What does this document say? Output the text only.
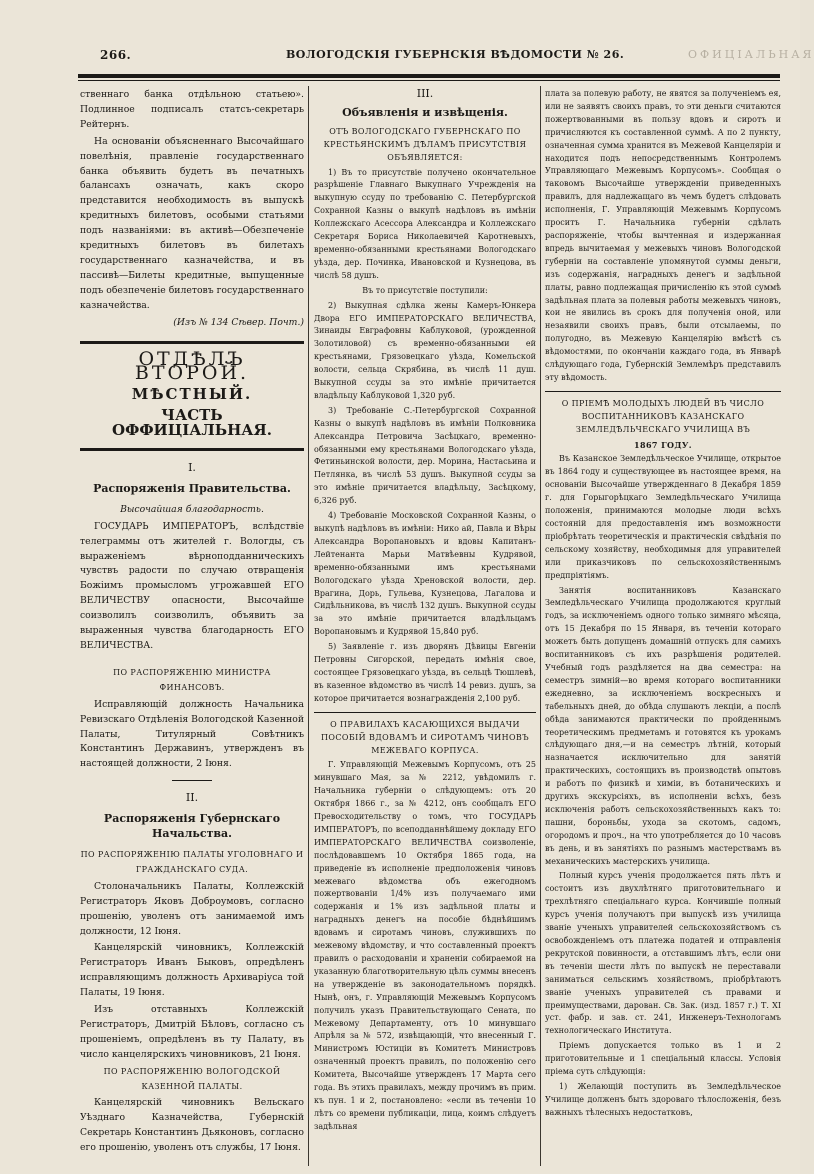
266.	ВОЛОГОДСКІЯ ГУБЕРНСКІЯ ВѢДОМОСТИ № 26.	ОФИЦІАЛЬНАЯ

ственнаго банка отдѣльною статьею». Подлинное подписалъ статсъ-секретарь Рейтернъ.

На основаніи объясненнаго Высочайшаго повелѣнія, правленіе государственнаго банка объявить будетъ въ печатныхъ балансахъ означать, какъ скоро представится необходимость въ выпускѣ кредитныхъ билетовъ, особыми статьями подъ названіями: въ активѣ—Обезпеченіе кредитныхъ билетовъ въ билетахъ государственнаго казначейства, и въ пассивѣ—Билеты кредитные, выпущенные подъ обезпеченіе билетовъ государственнаго казначейства.

(Изъ № 134 Сѣвер. Почт.)

ОТДѢЛЪ ВТОРОЙ.
МѢСТНЫЙ.
ЧАСТЬ ОФФИЦІАЛЬНАЯ.

I.

Распоряженія Правительства.

Высочайшая благодарность.

ГОСУДАРЬ ИМПЕРАТОРЪ, вслѣдствіе телеграммы отъ жителей г. Вологды, съ выраженіемъ вѣрноподданническихъ чувствъ радости по случаю отвращенія Божіимъ промысломъ угрожавшей ЕГО ВЕЛИЧЕСТВУ опасности, Высочайше соизволилъ соизволилъ, объявить за выраженныя чувства благодарность ЕГО ВЕЛИЧЕСТВА.

ПО РАСПОРЯЖЕНІЮ МИНИСТРА ФИНАНСОВЪ.

Исправляющій должность Начальника Ревизскаго Отдѣленія Вологодской Казенной Палаты, Титулярный Совѣтникъ Константинъ Державинъ, утвержденъ въ настоящей должности, 2 Іюня.

II.

Распоряженія Губернскаго Начальства.

ПО РАСПОРЯЖЕНІЮ ПАЛАТЫ УГОЛОВНАГО И ГРАЖДАНСКАГО СУДА.

Столоначальникъ Палаты, Коллежскій Регистраторъ Яковъ Доброумовъ, согласно прошенію, уволенъ отъ занимаемой имъ должности, 12 Іюня.

Канцелярскій чиновникъ, Коллежскій Регистраторъ Иванъ Быковъ, опредѣленъ исправляющимъ должность Архиваріуса той Палаты, 19 Іюня.

Изъ отставныхъ Коллежскій Регистраторъ, Дмитрій Бѣловъ, согласно съ прошеніемъ, опредѣленъ въ ту Палату, въ число канцелярскихъ чиновниковъ, 21 Іюня.

ПО РАСПОРЯЖЕНІЮ ВОЛОГОДСКОЙ КАЗЕННОЙ ПАЛАТЫ.

Канцелярскій чиновникъ Вельскаго Уѣзднаго Казначейства, Губернскій Секретарь Константинъ Дьяконовъ, согласно его прошенію, уволенъ отъ службы, 17 Іюня.

III.

Объявленія и извѣщенія.

ОТЪ ВОЛОГОДСКАГО ГУБЕРНСКАГО ПО КРЕСТЬЯНСКИМЪ ДѢЛАМЪ ПРИСУТСТВІЯ ОБЪЯВЛЯЕТСЯ:

1) Въ то присутствіе получено окончательное разрѣшеніе Главнаго Выкупнаго Учрежденія на выкупную ссуду по требованію С. Петербургской Сохранной Казны о выкупѣ надѣловъ въ имѣніи Коллежскаго Асессора Александра и Коллежскаго Секретаря Бориса Николаевичей Каротневыхъ, временно-обязанными крестьянами Вологодскаго уѣзда, дер. Починка, Ивановской и Кузнецова, въ числѣ 58 душъ.

Въ то присутствіе поступили:

2) Выкупная сдѣлка жены Камеръ-Юнкера Двора ЕГО ИМПЕРАТОРСКАГО ВЕЛИЧЕСТВА, Зинаиды Евграфовны Каблуковой, (урожденной Золотиловой) съ временно-обязанными ей крестьянами, Грязовецкаго уѣзда, Комельской волости, сельца Скрябина, въ числѣ 11 душ. Выкупной ссуды за это имѣніе причитается владѣльцу Каблуковой 1,320 руб.

3) Требованіе С.-Петербургской Сохранной Казны о выкупѣ надѣловъ въ имѣніи Полковника Александра Петровича Засѣцкаго, временно-обязанными ему крестьянами Вологодскаго уѣзда, Фетиньинской волости, дер. Морина, Настасьина и Петлянка, въ числѣ 53 душъ. Выкупной ссуды за это имѣніе причитается владѣльцу, Засѣцкому, 6,326 руб.

4) Требованіе Московской Сохранной Казны, о выкупѣ надѣловъ въ имѣніи: Нико ай, Павла и Вѣры Александра Воропановыхъ и вдовы Капитанъ-Лейтенанта Марьи Матвѣевны Кудрявой, временно-обязанными имъ крестьянами Вологодскаго уѣзда Хреновской волости, дер. Врагина, Дорь, Гульева, Кузнецова, Лагалова и Сидѣльникова, въ числѣ 132 душъ. Выкупной ссуды за это имѣніе причитается владѣльцамъ Воропановымъ и Кудрявой 15,840 руб.

5) Заявленіе г. изъ дворянъ Дѣвицы Евгеніи Петровны Сигорской, передать имѣнія свое, состоящее Грязовецкаго уѣзда, въ сельцѣ Тюшлевѣ, въ казенное вѣдомство въ числѣ 14 ревиз. душъ, за которое причитается вознагражденія 2,100 руб.

О ПРАВИЛАХЪ КАСАЮЩИХСЯ ВЫДАЧИ ПОСОБІЙ ВДОВАМЪ И СИРОТАМЪ ЧИНОВЪ МЕЖЕВАГО КОРПУСА.

Г. Управляющій Межевымъ Корпусомъ, отъ 25 минувшаго Мая, за № 2212, увѣдомилъ г. Начальника губерніи о слѣдующемъ: отъ 20 Октября 1866 г., за № 4212, онъ сообщалъ ЕГО Превосходительству о томъ, что ГОСУДАРЬ ИМПЕРАТОРЪ, по всеподданнѣйшему докладу ЕГО ИМПЕРАТОРСКАГО ВЕЛИЧЕСТВА соизволеніе, послѣдовавшемъ 10 Октября 1865 года, на приведеніе въ исполненіе предположенія чиновъ межеваго вѣдомства объ ежегодномъ пожертвованіи 1/4% изъ получаемаго ими содержанія и 1% изъ задѣльной платы и наградныхъ денегъ на пособіе бѣднѣйшимъ вдовамъ и сиротамъ чиновъ, служившихъ по межевому вѣдомству, и что составленный проектъ правилъ о расходованіи и храненіи собираемой на указанную благотворительную цѣль суммы внесенъ на утвержденіе въ законодательномъ порядкѣ. Нынѣ, онъ, г. Управляющій Межевымъ Корпусомъ получилъ указъ Правительствующаго Сената, по Межевому Департаменту, отъ 10 минувшаго Апрѣля за № 572, извѣщающій, что внесенный Г. Министромъ Юстиціи въ Комитетъ Министровъ означенный проектъ правилъ, по положенію сего Комитета, Высочайше утвержденъ 17 Марта сего года. Въ этихъ правилахъ, между прочимъ въ прим. къ пун. 1 и 2, постановлено: «если въ теченіи 10 лѣтъ со времени публикаціи, лица, коимъ слѣдуетъ задѣльная

плата за полевую работу, не явятся за полученіемъ ея, или не заявятъ своихъ правъ, то эти деньги считаются пожертвованными въ пользу вдовъ и сиротъ и причисляются къ составленной суммѣ. А по 2 пункту, означенная сумма хранится въ Межевой Канцеляріи и находится подъ непосредственнымъ Контролемъ Управляющаго Межевымъ Корпусомъ». Сообщая о таковомъ Высочайше утвержденіи приведенныхъ правилъ, для надлежащаго въ чемъ будетъ слѣдовать исполненія, Г. Управляющій Межевымъ Корпусомъ проситъ Г. Начальника губерніи сдѣлать распоряженіе, чтобы вычтенная и издержанная впредь вычитаемая у межевыхъ чиновъ Вологодской губерніи на составленіе упомянутой суммы деньги, изъ содержанія, наградныхъ денегъ и задѣльной платы, равно подлежащая причисленію къ этой суммѣ задѣльная плата за полевыя работы межевыхъ чиновъ, кои не явились въ срокъ для полученія оной, или незаявили своихъ правъ, были отсылаемы, по полугодно, въ Межевую Канцелярію вмѣстѣ съ вѣдомостями, по окончаніи каждаго года, въ Январѣ слѣдующаго года, Губернскій Землемѣръ представилъ эту вѣдомость.

О ПРІЕМѢ МОЛОДЫХЪ ЛЮДЕЙ ВЪ ЧИСЛО ВОСПИТАННИКОВЪ КАЗАНСКАГО ЗЕМЛЕДѢЛЬЧЕСКАГО УЧИЛИЩА ВЪ

1867 ГОДУ.

Въ Казанское Земледѣльческое Училище, открытое въ 1864 году и существующее въ настоящее время, на основаніи Высочайше утвержденнаго 8 Декабря 1859 г. для Горыгорѣцкаго Земледѣльческаго Училища положенія, принимаются молодые люди всѣхъ состояній для предоставленія имъ возможности пріобрѣтать теоретическія и практическія свѣдѣнія по сельскому хозяйству, необходимыя для управителей или приказчиковъ по сельскохозяйственнымъ предпріятіямъ.

Занятія воспитанниковъ Казанскаго Земледѣльческаго Училища продолжаются круглый годъ, за исключеніемъ одного только зимняго мѣсяца, отъ 15 Декабря по 15 Января, въ теченіи котораго можетъ быть допущенъ домашній отпускъ для самихъ воспитанниковъ съ ихъ разрѣшенія родителей. Учебный годъ раздѣляется на два семестра: на семестръ зимній—во время котораго воспитанники ежедневно, за исключеніемъ воскресныхъ и табельныхъ дней, до обѣда слушаютъ лекціи, а послѣ обѣда занимаются практически по пройденнымъ теоретическимъ предметамъ и готовятся къ урокамъ слѣдующаго дня,—и на семестръ лѣтній, который назначается исключительно для занятій практическихъ, состоящихъ въ производствѣ опытовъ и работъ по физикѣ и химіи, въ ботаническихъ и другихъ экскурсіяхъ, въ исполненіи всѣхъ, безъ исключенія работъ сельскохозяйственныхъ какъ то: пашни, бороньбы, ухода за скотомъ, садомъ, огородомъ и проч., на что употребляется до 10 часовъ въ день, и въ занятіяхъ по разнымъ мастерствамъ въ механическихъ мастерскихъ училища.

Полный курсъ ученія продолжается пять лѣтъ и состоитъ изъ двухлѣтняго приготовительнаго и трехлѣтняго спеціальнаго курса. Кончившіе полный курсъ ученія получаютъ при выпускѣ изъ училища званіе ученыхъ управителей сельскохозяйствомъ съ освобожденіемъ отъ платежа податей и отправленія рекрутской повинности, а отставшимъ лѣтъ, если они въ теченіи шести лѣтъ по выпускѣ не переставали заниматься сельскимъ хозяйствомъ, пріобрѣтаютъ званіе ученыхъ управителей съ правами и преимуществами, дарован. Св. Зак. (изд. 1857 г.) Т. XI уст. фабр. и зав. ст. 241, Инженеръ-Технологамъ технологическаго Института.

Пріемъ допускается только въ 1 и 2 приготовительные и 1 спеціальный классы. Условія пріема суть слѣдующія:

1) Желающій поступить въ Земледѣльческое Училище долженъ быть здороваго тѣлосложенія, безъ важныхъ тѣлесныхъ недостатковъ,
